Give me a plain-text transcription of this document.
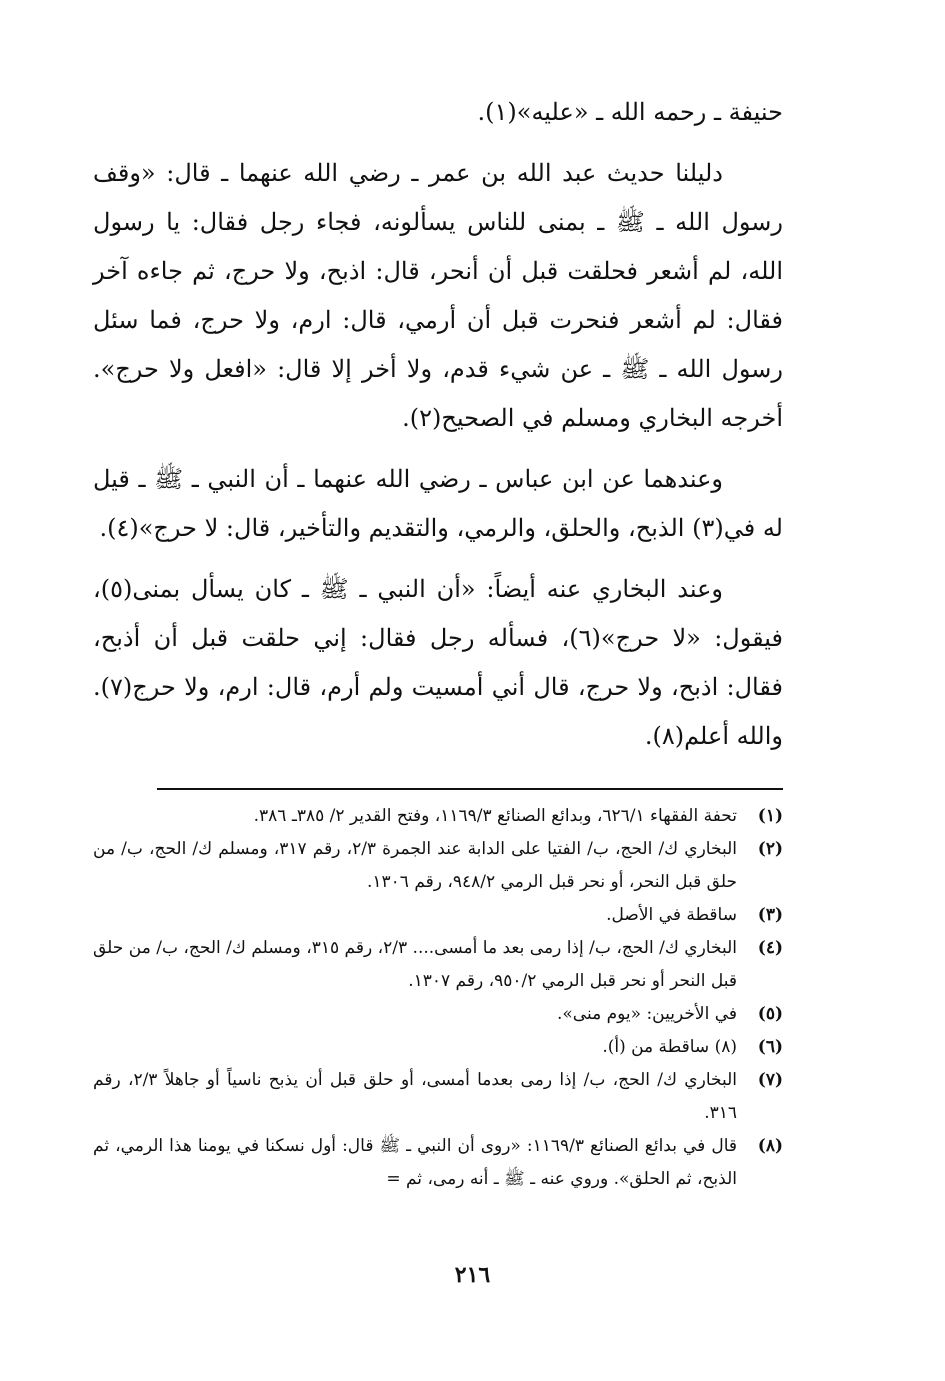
حنيفة ـ رحمه الله ـ «عليه»(١).

دليلنا حديث عبد الله بن عمر ـ رضي الله عنهما ـ قال: «وقف رسول الله ـ ﷺ ـ بمنى للناس يسألونه، فجاء رجل فقال: يا رسول الله، لم أشعر فحلقت قبل أن أنحر، قال: اذبح، ولا حرج، ثم جاءه آخر فقال: لم أشعر فنحرت قبل أن أرمي، قال: ارم، ولا حرج، فما سئل رسول الله ـ ﷺ ـ عن شيء قدم، ولا أخر إلا قال: «افعل ولا حرج». أخرجه البخاري ومسلم في الصحيح(٢).

وعندهما عن ابن عباس ـ رضي الله عنهما ـ أن النبي ـ ﷺ ـ قيل له في(٣) الذبح، والحلق، والرمي، والتقديم والتأخير، قال: لا حرج»(٤).

وعند البخاري عنه أيضاً: «أن النبي ـ ﷺ ـ كان يسأل بمنى(٥)، فيقول: «لا حرج»(٦)، فسأله رجل فقال: إني حلقت قبل أن أذبح، فقال: اذبح، ولا حرج، قال أني أمسيت ولم أرم، قال: ارم، ولا حرج(٧). والله أعلم(٨).

(١)
تحفة الفقهاء ٦٢٦/١، وبدائع الصنائع ١١٦٩/٣، وفتح القدير ٢/ ٣٨٥ـ ٣٨٦.
(٢)
البخاري ك/ الحج، ب/ الفتيا على الدابة عند الجمرة ٢/٣، رقم ٣١٧، ومسلم ك/ الحج، ب/ من حلق قبل النحر، أو نحر قبل الرمي ٩٤٨/٢، رقم ١٣٠٦.
(٣)
ساقطة في الأصل.
(٤)
البخاري ك/ الحج، ب/ إذا رمى بعد ما أمسى.... ٢/٣، رقم ٣١٥، ومسلم ك/ الحج، ب/ من حلق قبل النحر أو نحر قبل الرمي ٩٥٠/٢، رقم ١٣٠٧.
(٥)
في الأخريين: «يوم منى».
(٦)
(٨) ساقطة من (أ).
(٧)
البخاري ك/ الحج، ب/ إذا رمى بعدما أمسى، أو حلق قبل أن يذبح ناسياً أو جاهلاً ٢/٣، رقم ٣١٦.
(٨)
قال في بدائع الصنائع ١١٦٩/٣: «روى أن النبي ـ ﷺ قال: أول نسكنا في يومنا هذا الرمي، ثم الذبح، ثم الحلق». وروي عنه ـ ﷺ ـ أنه رمى، ثم =
٢١٦
